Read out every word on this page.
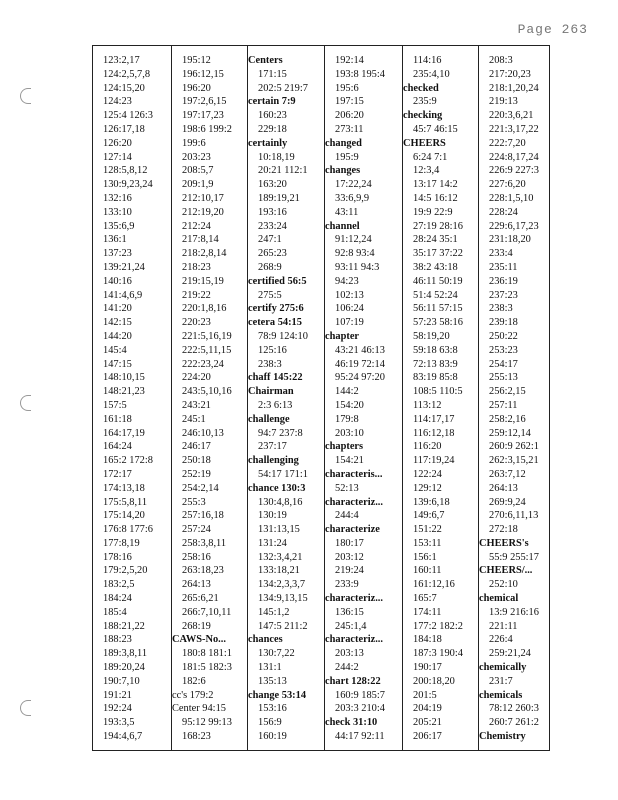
Page 263
123:2,17
124:2,5,7,8
124:15,20
124:23
125:4 126:3
126:17,18
126:20
127:14
128:5,8,12
130:9,23,24
132:16
133:10
135:6,9
136:1
137:23
139:21,24
140:16
141:4,6,9
141:20
142:15
144:20
145:4
147:15
148:10,15
148:21,23
157:5
161:18
164:17,19
164:24
165:2 172:8
172:17
174:13,18
175:5,8,11
175:14,20
176:8 177:6
177:8,19
178:16
179:2,5,20
183:2,5
184:24
185:4
188:21,22
188:23
189:3,8,11
189:20,24
190:7,10
191:21
192:24
193:3,5
194:4,6,7
195:12
196:12,15
196:20
197:2,6,15
197:17,23
198:6 199:2
199:6
203:23
208:5,7
209:1,9
212:10,17
212:19,20
212:24
217:8,14
218:2,8,14
218:23
219:15,19
219:22
220:1,8,16
220:23
221:5,16,19
222:5,11,15
222:23,24
224:20
243:5,10,16
243:21
245:1
246:10,13
246:17
250:18
252:19
254:2,14
255:3
257:16,18
257:24
258:3,8,11
258:16
263:18,23
264:13
265:6,21
266:7,10,11
268:19
CAWS-No...
180:8 181:1
181:5 182:3
182:6
cc's 179:2
Center 94:15
95:12 99:13
168:23
Centers
171:15
202:5 219:7
certain 7:9
160:23
229:18
certainly
10:18,19
20:21 112:1
163:20
189:19,21
193:16
233:24
247:1
265:23
268:9
certified 56:5
275:5
certify 275:6
cetera 54:15
78:9 124:10
125:16
238:3
chaff 145:22
Chairman
2:3 6:13
challenge
94:7 237:8
237:17
challenging
54:17 171:1
chance 130:3
130:4,8,16
130:19
131:13,15
131:24
132:3,4,21
133:18,21
134:2,3,3,7
134:9,13,15
145:1,2
147:5 211:2
chances
130:7,22
131:1
135:13
change 53:14
153:16
156:9
160:19
192:14
193:8 195:4
195:6
197:15
206:20
273:11
changed
195:9
changes
17:22,24
33:6,9,9
43:11
channel
91:12,24
92:8 93:4
93:11 94:3
94:23
102:13
106:24
107:19
chapter
43:21 46:13
46:19 72:14
95:24 97:20
144:2
154:20
179:8
203:10
chapters
154:21
characteris...
52:13
characteriz...
244:4
characterize
180:17
203:12
219:24
233:9
characteriz...
136:15
245:1,4
characteriz...
203:13
244:2
chart 128:22
160:9 185:7
203:3 210:4
check 31:10
44:17 92:11
114:16
235:4,10
checked
235:9
checking
45:7 46:15
CHEERS
6:24 7:1
12:3,4
13:17 14:2
14:5 16:12
19:9 22:9
27:19 28:16
28:24 35:1
35:17 37:22
38:2 43:18
46:11 50:19
51:4 52:24
56:11 57:15
57:23 58:16
58:19,20
59:18 63:8
72:13 83:9
83:19 85:8
108:5 110:5
113:12
114:17,17
116:12,18
116:20
117:19,24
122:24
129:12
139:6,18
149:6,7
151:22
153:11
156:1
160:11
161:12,16
165:7
174:11
177:2 182:2
184:18
187:3 190:4
190:17
200:18,20
201:5
204:19
205:21
206:17
208:3
217:20,23
218:1,20,24
219:13
220:3,6,21
221:3,17,22
222:7,20
224:8,17,24
226:9 227:3
227:6,20
228:1,5,10
228:24
229:6,17,23
231:18,20
233:4
235:11
236:19
237:23
238:3
239:18
250:22
253:23
254:17
255:13
256:2,15
257:11
258:2,16
259:12,14
260:9 262:1
262:3,15,21
263:7,12
264:13
269:9,24
270:6,11,13
272:18
CHEERS's
55:9 255:17
CHEERS/...
252:10
chemical
13:9 216:16
221:11
226:4
259:21,24
chemically
231:7
chemicals
78:12 260:3
260:7 261:2
Chemistry
